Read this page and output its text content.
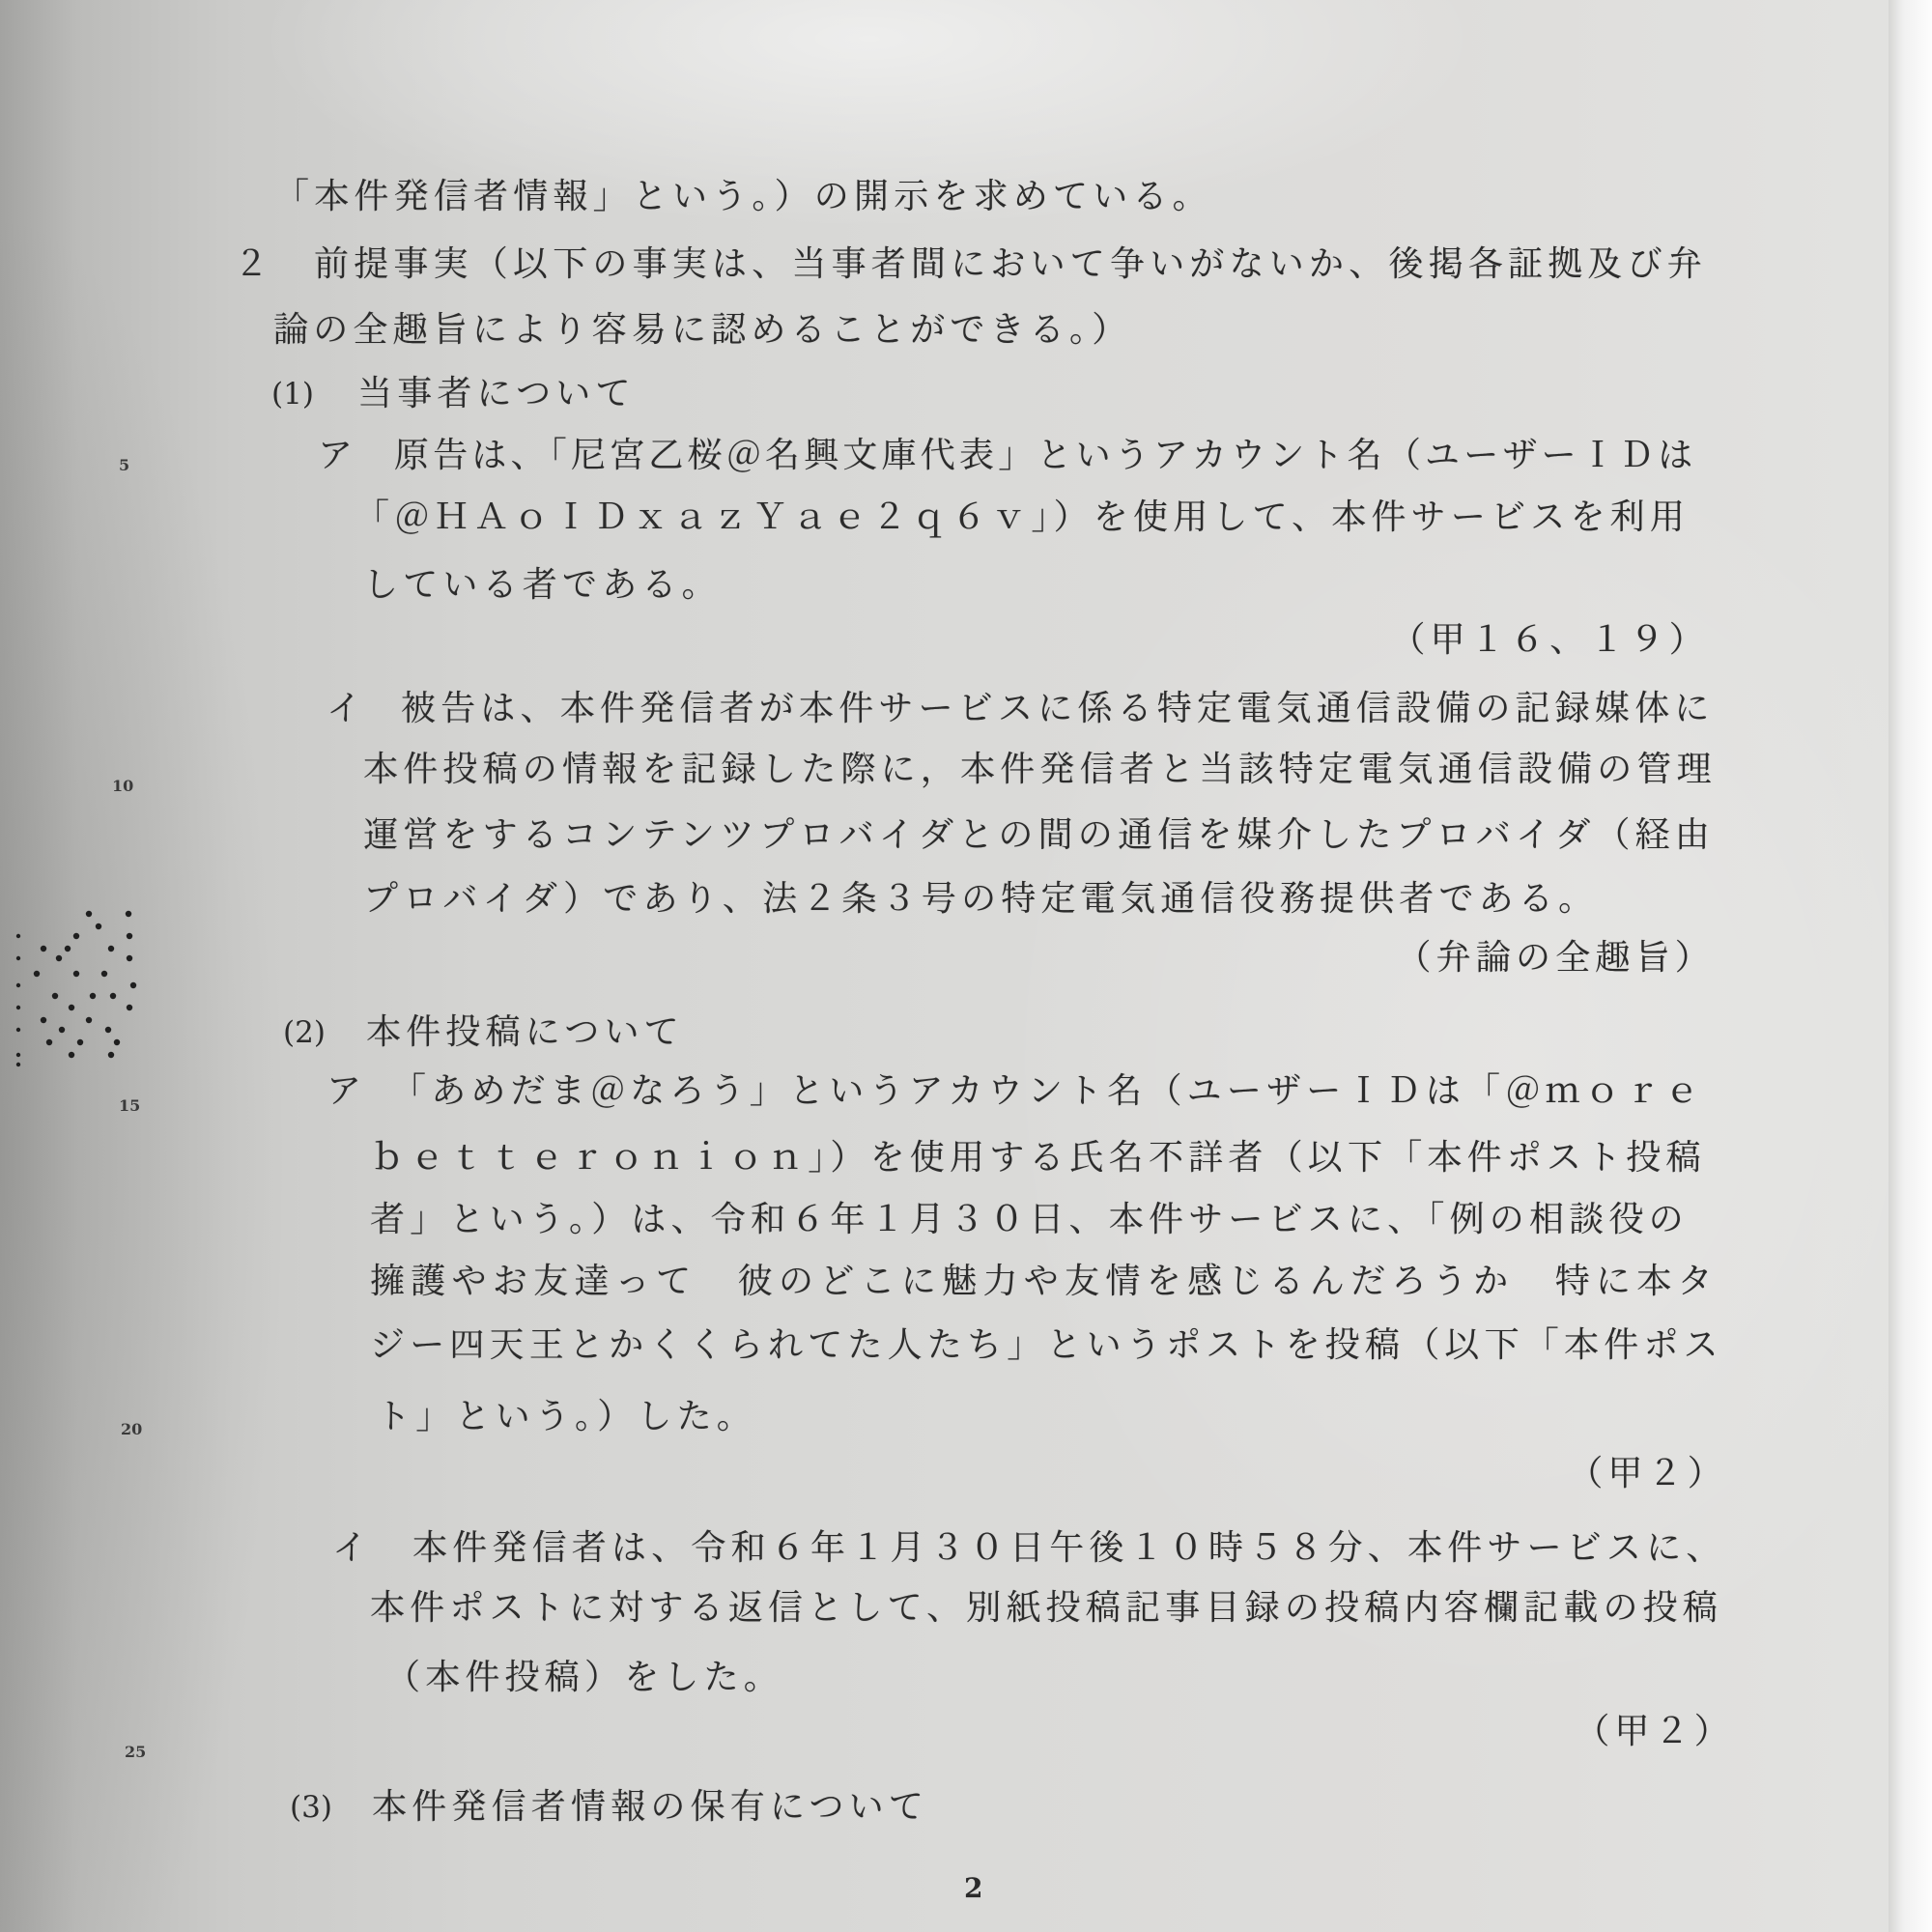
「本件発信者情報」という。）の開示を求めている。
２ 前提事実（以下の事実は、当事者間において争いがないか、後掲各証拠及び弁
論の全趣旨により容易に認めることができる。）
(1) 当事者について
ア 原告は、「尼宮乙桜＠名興文庫代表」というアカウント名（ユーザーＩＤは
「＠ＨＡｏＩＤｘａｚＹａｅ２ｑ６ｖ」）を使用して、本件サービスを利用
している者である。
（甲１６、１９）
イ 被告は、本件発信者が本件サービスに係る特定電気通信設備の記録媒体に
本件投稿の情報を記録した際に，本件発信者と当該特定電気通信設備の管理
運営をするコンテンツプロバイダとの間の通信を媒介したプロバイダ（経由
プロバイダ）であり、法２条３号の特定電気通信役務提供者である。
（弁論の全趣旨）
(2) 本件投稿について
ア 「あめだま＠なろう」というアカウント名（ユーザーＩＤは「＠ｍｏｒｅ
ｂｅｔｔｅｒｏｎｉｏｎ」）を使用する氏名不詳者（以下「本件ポスト投稿
者」という。）は、令和６年１月３０日、本件サービスに、「例の相談役の
擁護やお友達って　彼のどこに魅力や友情を感じるんだろうか　特に本タ
ジー四天王とかくくられてた人たち」というポストを投稿（以下「本件ポス
ト」という。）した。
（甲２）
イ 本件発信者は、令和６年１月３０日午後１０時５８分、本件サービスに、
本件ポストに対する返信として、別紙投稿記事目録の投稿内容欄記載の投稿
（本件投稿）をした。
（甲２）
(3) 本件発信者情報の保有について
5
10
15
20
25
2
